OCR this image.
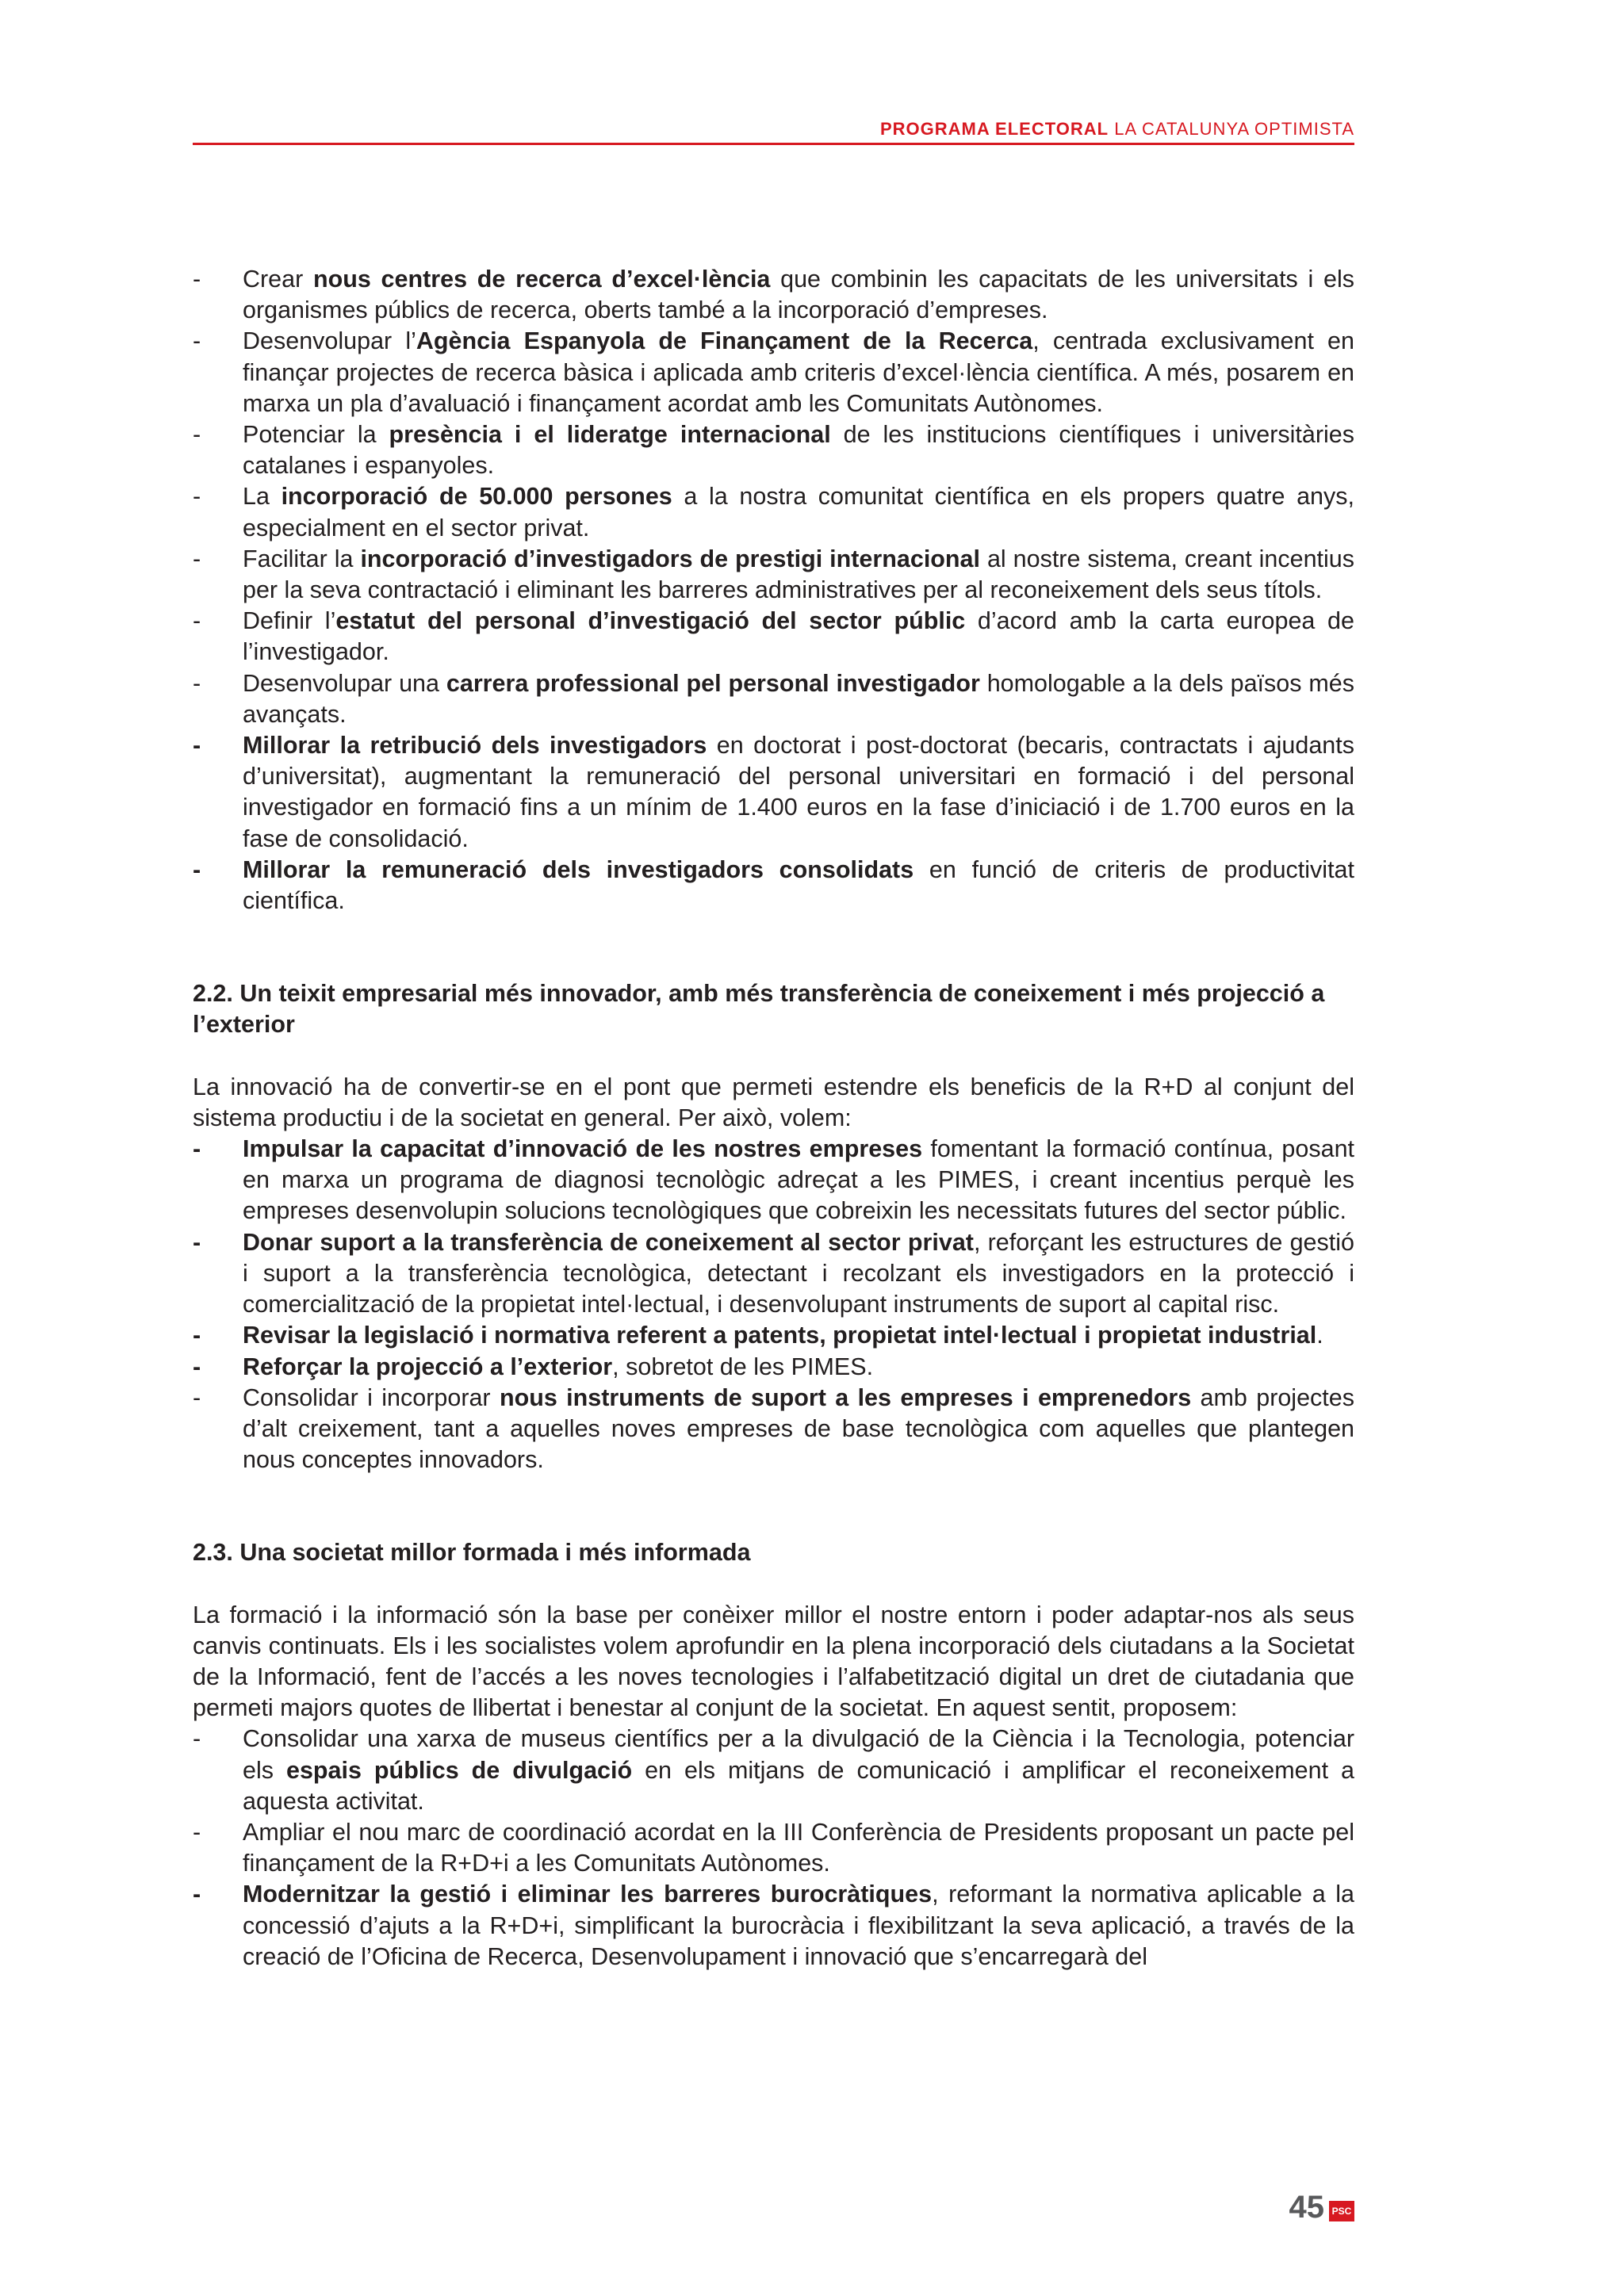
PROGRAMA ELECTORAL LA CATALUNYA OPTIMISTA
- Crear nous centres de recerca d’excel·lència que combinin les capacitats de les universitats i els organismes públics de recerca, oberts també a la incorporació d’empreses.
- Desenvolupar l’Agència Espanyola de Finançament de la Recerca, centrada exclusivament en finançar projectes de recerca bàsica i aplicada amb criteris d’excel·lència científica. A més, posarem en marxa un pla d’avaluació i finançament acordat amb les Comunitats Autònomes.
- Potenciar la presència i el lideratge internacional de les institucions científiques i universitàries catalanes i espanyoles.
- La incorporació de 50.000 persones a la nostra comunitat científica en els propers quatre anys, especialment en el sector privat.
- Facilitar la incorporació d’investigadors de prestigi internacional al nostre sistema, creant incentius per la seva contractació i eliminant les barreres administratives per al reconeixement dels seus títols.
- Definir l’estatut del personal d’investigació del sector públic d’acord amb la carta europea de l’investigador.
- Desenvolupar una carrera professional pel personal investigador homologable a la dels països més avançats.
- Millorar la retribució dels investigadors en doctorat i post-doctorat (becaris, contractats i ajudants d’universitat), augmentant la remuneració del personal universitari en formació i del personal investigador en formació fins a un mínim de 1.400 euros en la fase d’iniciació i de 1.700 euros en la fase de consolidació.
- Millorar la remuneració dels investigadors consolidats en funció de criteris de productivitat científica.
2.2. Un teixit empresarial més innovador, amb més transferència de coneixement i més projecció a l’exterior

La innovació ha de convertir-se en el pont que permeti estendre els beneficis de la R+D al conjunt del sistema productiu i de la societat en general. Per això, volem:

- Impulsar la capacitat d’innovació de les nostres empreses fomentant la formació contínua, posant en marxa un programa de diagnosi tecnològic adreçat a les PIMES, i creant incentius perquè les empreses desenvolupin solucions tecnològiques que cobreixin les necessitats futures del sector públic.
- Donar suport a la transferència de coneixement al sector privat, reforçant les estructures de gestió i suport a la transferència tecnològica, detectant i recolzant els investigadors en la protecció i comercialització de la propietat intel·lectual, i desenvolupant instruments de suport al capital risc.
- Revisar la legislació i normativa referent a patents, propietat intel·lectual i propietat industrial.
- Reforçar la projecció a l’exterior, sobretot de les PIMES.
- Consolidar i incorporar nous instruments de suport a les empreses i emprenedors amb projectes d’alt creixement, tant a aquelles noves empreses de base tecnològica com aquelles que plantegen nous conceptes innovadors.
2.3. Una societat millor formada i més informada

La formació i la informació són la base per conèixer millor el nostre entorn i poder adaptar-nos als seus canvis continuats. Els i les socialistes volem aprofundir en la plena incorporació dels ciutadans a la Societat de la Informació, fent de l’accés a les noves tecnologies i l’alfabetització digital un dret de ciutadania que permeti majors quotes de llibertat i benestar al conjunt de la societat. En aquest sentit, proposem:

- Consolidar una xarxa de museus científics per a la divulgació de la Ciència i la Tecnologia, potenciar els espais públics de divulgació en els mitjans de comunicació i amplificar el reconeixement a aquesta activitat.
- Ampliar el nou marc de coordinació acordat en la III Conferència de Presidents proposant un pacte pel finançament de la R+D+i a les Comunitats Autònomes.
- Modernitzar la gestió i eliminar les barreres burocràtiques, reformant la normativa aplicable a la concessió d’ajuts a la R+D+i, simplificant la burocràcia i flexibilitzant la seva aplicació, a través de la creació de l’Oficina de Recerca, Desenvolupament i innovació que s’encarregarà del
45 PSC
